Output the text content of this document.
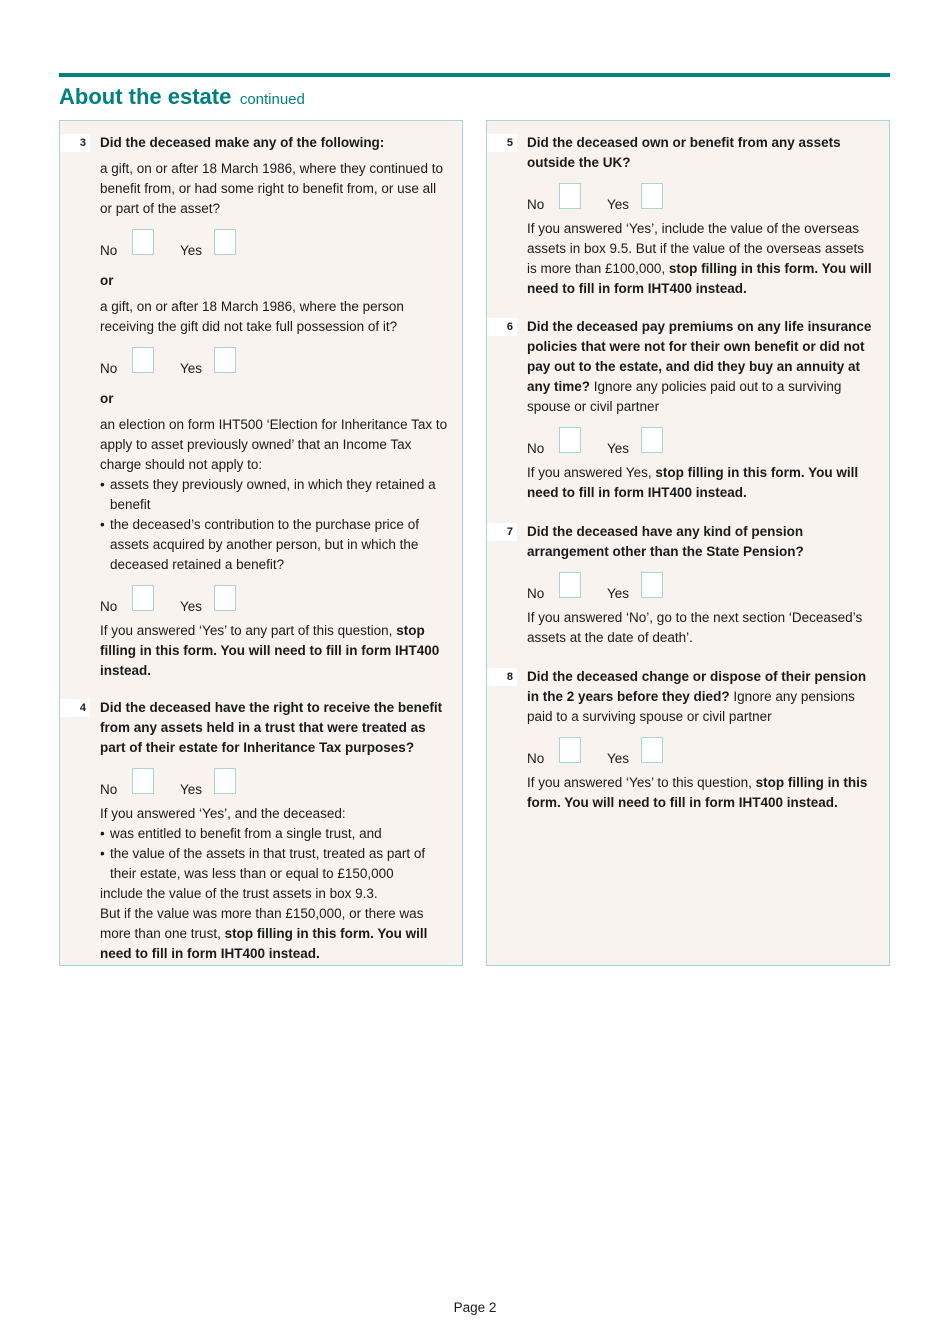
About the estate continued
3 Did the deceased make any of the following:

a gift, on or after 18 March 1986, where they continued to benefit from, or had some right to benefit from, or use all or part of the asset?

No	Yes

or

a gift, on or after 18 March 1986, where the person receiving the gift did not take full possession of it?

No	Yes

or

an election on form IHT500 ‘Election for Inheritance Tax to apply to asset previously owned’ that an Income Tax charge should not apply to:

• assets they previously owned, in which they retained a benefit
• the deceased’s contribution to the purchase price of assets acquired by another person, but in which the deceased retained a benefit?
No	Yes

If you answered ‘Yes’ to any part of this question, stop filling in this form. You will need to fill in form IHT400 instead.

4 Did the deceased have the right to receive the benefit from any assets held in a trust that were treated as part of their estate for Inheritance Tax purposes?

No	Yes

If you answered ‘Yes’, and the deceased:

• was entitled to benefit from a single trust, and
• the value of the assets in that trust, treated as part of their estate, was less than or equal to £150,000

include the value of the trust assets in box 9.3.

But if the value was more than £150,000, or there was more than one trust, stop filling in this form. You will need to fill in form IHT400 instead.

5 Did the deceased own or benefit from any assets outside the UK?

No	Yes

If you answered ‘Yes’, include the value of the overseas assets in box 9.5. But if the value of the overseas assets is more than £100,000, stop filling in this form. You will need to fill in form IHT400 instead.

6 Did the deceased pay premiums on any life insurance policies that were not for their own benefit or did not pay out to the estate, and did they buy an annuity at any time? Ignore any policies paid out to a surviving spouse or civil partner

No	Yes

If you answered Yes, stop filling in this form. You will need to fill in form IHT400 instead.

7 Did the deceased have any kind of pension arrangement other than the State Pension?

No	Yes

If you answered ‘No’, go to the next section ‘Deceased’s assets at the date of death’.

8 Did the deceased change or dispose of their pension in the 2 years before they died? Ignore any pensions paid to a surviving spouse or civil partner

No	Yes

If you answered ‘Yes’ to this question, stop filling in this form. You will need to fill in form IHT400 instead.

Page 2
